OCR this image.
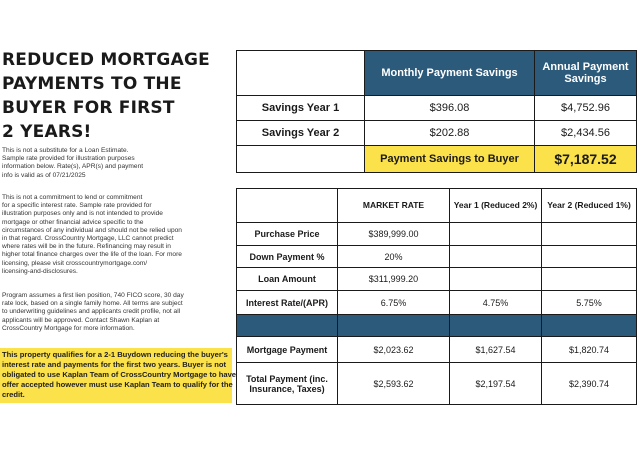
REDUCED MORTGAGE
PAYMENTS TO THE
BUYER FOR FIRST
2 YEARS!

This is not a substitute for a Loan Estimate.
Sample rate provided for illustration purposes
information below. Rate(s), APR(s) and payment
info is valid as of 07/21/2025

This is not a commitment to lend or commitment
for a specific interest rate. Sample rate provided for
illustration purposes only and is not intended to provide
mortgage or other financial advice specific to the
circumstances of any individual and should not be relied upon
in that regard. CrossCountry Mortgage, LLC cannot predict
where rates will be in the future. Refinancing may result in
higher total finance charges over the life of the loan. For more
licensing, please visit crosscountrymortgage.com/
licensing-and-disclosures.

Program assumes a first lien position, 740 FICO score, 30 day
rate lock, based on a single family home. All terms are subject
to underwriting guidelines and applicants credit profile, not all
applicants will be approved. Contact Shawn Kaplan at
CrossCountry Mortgage for more information.

This property qualifies for a 2-1 Buydown reducing the buyer's
interest rate and payments for the first two years. Buyer is not
obligated to use Kaplan Team of CrossCountry Mortgage to have
offer accepted however must use Kaplan Team to qualify for the
credit.
	Monthly Payment Savings	Annual Payment Savings
Savings Year 1	$396.08	$4,752.96
Savings Year 2	$202.88	$2,434.56
	Payment Savings to Buyer	$7,187.52
	MARKET RATE	Year 1 (Reduced 2%)	Year 2 (Reduced 1%)
Purchase Price	$389,999.00		
Down Payment %	20%		
Loan Amount	$311,999.20		
Interest Rate/(APR)	6.75%	4.75%	5.75%

Mortgage Payment	$2,023.62	$1,627.54	$1,820.74
Total Payment (inc. Insurance, Taxes)	$2,593.62	$2,197.54	$2,390.74
